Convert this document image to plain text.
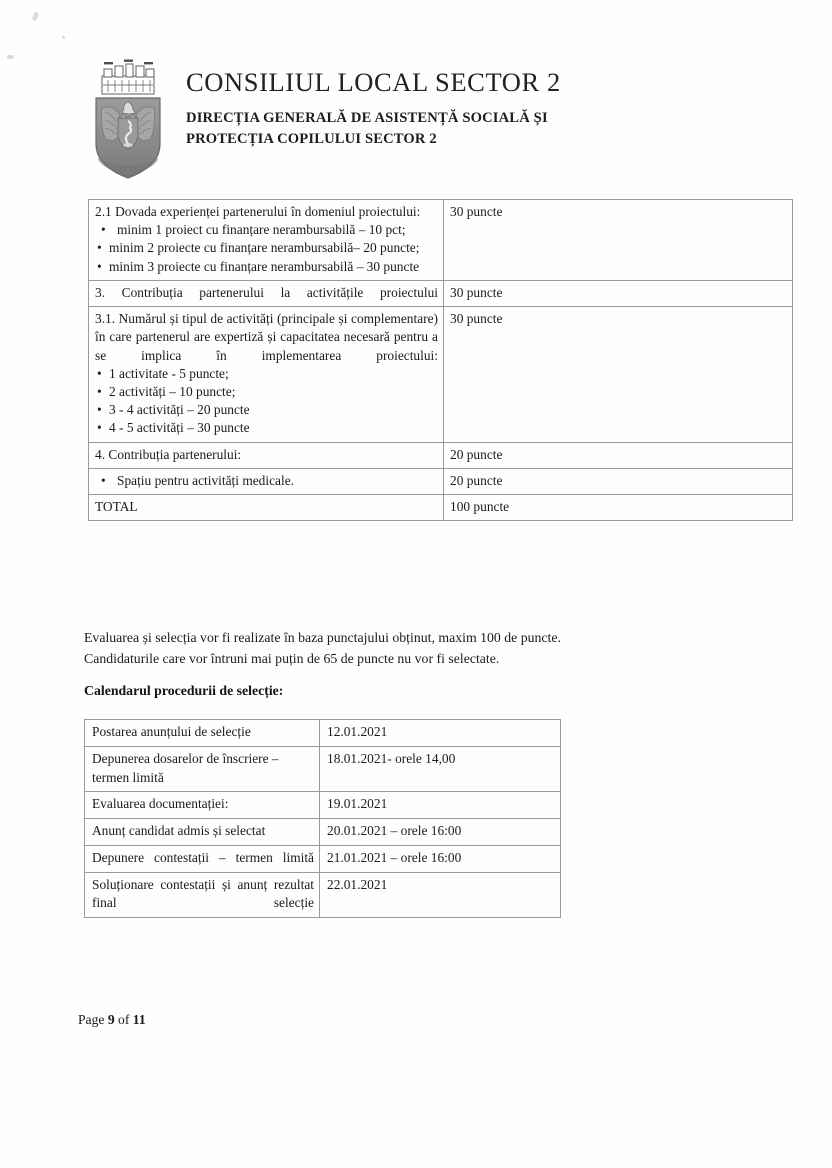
CONSILIUL LOCAL SECTOR 2
DIRECȚIA GENERALĂ DE ASISTENȚĂ SOCIALĂ ȘI
PROTECȚIA COPILULUI SECTOR 2
2.1 Dovada experienței partenerului în domeniul proiectului:
• minim 1 proiect cu finanțare nerambursabilă – 10 pct;
• minim 2 proiecte cu finanțare nerambursabilă– 20 puncte;
• minim 3 proiecte cu finanțare nerambursabilă – 30 puncte	30 puncte

3. Contribuția partenerului la activitățile proiectului	30 puncte

3.1. Numărul și tipul de activități (principale și complementare) în care partenerul are expertiză și capacitatea necesară pentru a se implica în implementarea proiectului:
• 1 activitate - 5 puncte;
• 2 activități – 10 puncte;
• 3 - 4 activități – 20 puncte
• 4 - 5 activități – 30 puncte	30 puncte
4. Contribuția partenerului:	20 puncte

• Spațiu pentru activități medicale.	20 puncte
TOTAL	100 puncte
Evaluarea și selecția vor fi realizate în baza punctajului obținut, maxim 100 de puncte.
Candidaturile care vor întruni mai puțin de 65 de puncte nu vor fi selectate.
Calendarul procedurii de selecție:
Postarea anunțului de selecție	12.01.2021
Depunerea dosarelor de înscriere – termen limită	18.01.2021- orele 14,00
Evaluarea documentației:	19.01.2021
Anunț candidat admis și selectat	20.01.2021 – orele 16:00
Depunere contestații – termen limită	21.01.2021 – orele 16:00
Soluționare contestații și anunț rezultat final selecție	22.01.2021
Page 9 of 11
